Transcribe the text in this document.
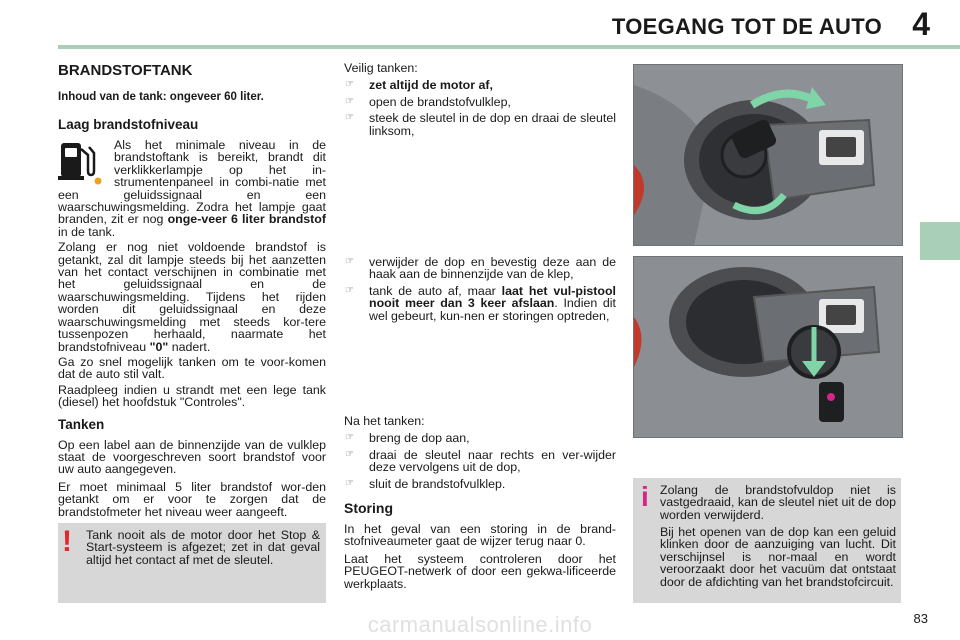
TOEGANG TOT DE AUTO 4
BRANDSTOFTANK

Inhoud van de tank: ongeveer 60 liter.

Laag brandstofniveau
Als het minimale niveau in de brandstoftank is bereikt, brandt dit verklikkerlampje op het in-strumentenpaneel in combi-natie met een geluidssignaal en een waarschuwingsmelding. Zodra het lampje gaat branden, zit er nog onge-veer 6 liter brandstof in de tank.

Zolang er nog niet voldoende brandstof is getankt, zal dit lampje steeds bij het aanzetten van het contact verschijnen in combinatie met het geluidssignaal en de waarschuwingsmelding. Tijdens het rijden worden dit geluidssignaal en deze waarschuwingsmelding met steeds kor-tere tussenpozen herhaald, naarmate het brandstofniveau "0" nadert.

Ga zo snel mogelijk tanken om te voor-komen dat de auto stil valt.

Raadpleeg indien u strandt met een lege tank (diesel) het hoofdstuk "Controles".

Tanken

Op een label aan de binnenzijde van de vulklep staat de voorgeschreven soort brandstof voor uw auto aangegeven.

Er moet minimaal 5 liter brandstof wor-den getankt om er voor te zorgen dat de brandstofmeter het niveau weer aangeeft.

! Tank nooit als de motor door het Stop & Start-systeem is afgezet; zet in dat geval altijd het contact af met de sleutel.

Veilig tanken:

☞ zet altijd de motor af,
☞ open de brandstofvulklep,
☞ steek de sleutel in de dop en draai de sleutel linksom,
☞ verwijder de dop en bevestig deze aan de haak aan de binnenzijde van de klep,
☞ tank de auto af, maar laat het vul-pistool nooit meer dan 3 keer afslaan. Indien dit wel gebeurt, kun-nen er storingen optreden,

Na het tanken:

☞ breng de dop aan,
☞ draai de sleutel naar rechts en ver-wijder deze vervolgens uit de dop,
☞ sluit de brandstofvulklep.
Storing

In het geval van een storing in de brand-stofniveaumeter gaat de wijzer terug naar 0.

Laat het systeem controleren door het PEUGEOT-netwerk of door een gekwa-lificeerde werkplaats.

i Zolang de brandstofvuldop niet is vastgedraaid, kan de sleutel niet uit de dop worden verwijderd.

Bij het openen van de dop kan een geluid klinken door de aanzuiging van lucht. Dit verschijnsel is nor-maal en wordt veroorzaakt door het vacuüm dat ontstaat door de afdichting van het brandstofcircuit.

83
carmanualsonline.info
